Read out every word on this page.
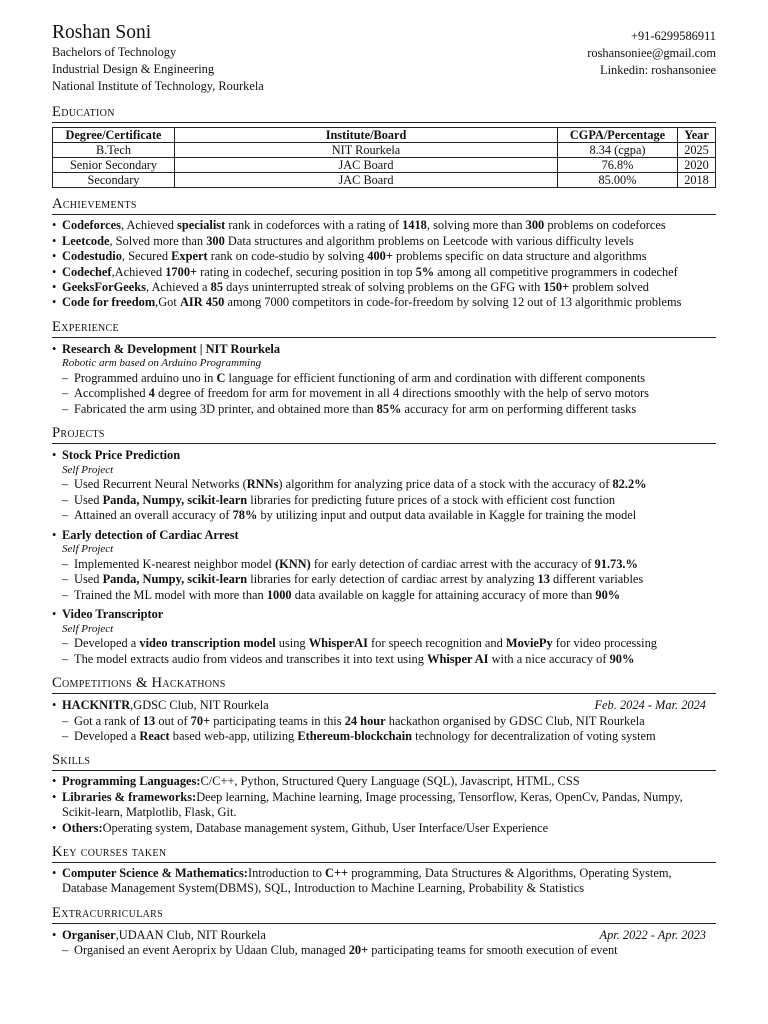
Roshan Soni
Bachelors of Technology
Industrial Design & Engineering
National Institute of Technology, Rourkela
+91-6299586911
roshansoniee@gmail.com
Linkedin: roshansoniee
Education
Degree/Certificate	Institute/Board	CGPA/Percentage	Year
B.Tech	NIT Rourkela	8.34 (cgpa)	2025
Senior Secondary	JAC Board	76.8%	2020
Secondary	JAC Board	85.00%	2018
Achievements
• Codeforces, Achieved specialist rank in codeforces with a rating of 1418, solving more than 300 problems on codeforces
• Leetcode, Solved more than 300 Data structures and algorithm problems on Leetcode with various difficulty levels
• Codestudio, Secured Expert rank on code-studio by solving 400+ problems specific on data structure and algorithms
• Codechef,Achieved 1700+ rating in codechef, securing position in top 5% among all competitive programmers in codechef
• GeeksForGeeks, Achieved a 85 days uninterrupted streak of solving problems on the GFG with 150+ problem solved
• Code for freedom,Got AIR 450 among 7000 competitors in code-for-freedom by solving 12 out of 13 algorithmic problems
Experience
• Research & Development | NIT Rourkela
Robotic arm based on Arduino Programming
– Programmed arduino uno in C language for efficient functioning of arm and cordination with different components
– Accomplished 4 degree of freedom for arm for movement in all 4 directions smoothly with the help of servo motors
– Fabricated the arm using 3D printer, and obtained more than 85% accuracy for arm on performing different tasks
Projects
• Stock Price Prediction
Self Project
– Used Recurrent Neural Networks (RNNs) algorithm for analyzing price data of a stock with the accuracy of 82.2%
– Used Panda, Numpy, scikit-learn libraries for predicting future prices of a stock with efficient cost function
– Attained an overall accuracy of 78% by utilizing input and output data available in Kaggle for training the model
• Early detection of Cardiac Arrest
Self Project
– Implemented K-nearest neighbor model (KNN) for early detection of cardiac arrest with the accuracy of 91.73.%
– Used Panda, Numpy, scikit-learn libraries for early detection of cardiac arrest by analyzing 13 different variables
– Trained the ML model with more than 1000 data available on kaggle for attaining accuracy of more than 90%
• Video Transcriptor
Self Project
– Developed a video transcription model using WhisperAI for speech recognition and MoviePy for video processing
– The model extracts audio from videos and transcribes it into text using Whisper AI with a nice accuracy of 90%
Competitions & Hackathons
• HACKNITR,GDSC Club, NIT Rourkela	Feb. 2024 - Mar. 2024
– Got a rank of 13 out of 70+ participating teams in this 24 hour hackathon organised by GDSC Club, NIT Rourkela
– Developed a React based web-app, utilizing Ethereum-blockchain technology for decentralization of voting system
Skills
• Programming Languages:C/C++, Python, Structured Query Language (SQL), Javascript, HTML, CSS
• Libraries & frameworks:Deep learning, Machine learning, Image processing, Tensorflow, Keras, OpenCv, Pandas, Numpy, Scikit-learn, Matplotlib, Flask, Git.
• Others:Operating system, Database management system, Github, User Interface/User Experience
Key courses taken
• Computer Science & Mathematics:Introduction to C++ programming, Data Structures & Algorithms, Operating System, Database Management System(DBMS), SQL, Introduction to Machine Learning, Probability & Statistics
Extracurriculars
• Organiser,UDAAN Club, NIT Rourkela	Apr. 2022 - Apr. 2023
– Organised an event Aeroprix by Udaan Club, managed 20+ participating teams for smooth execution of event
